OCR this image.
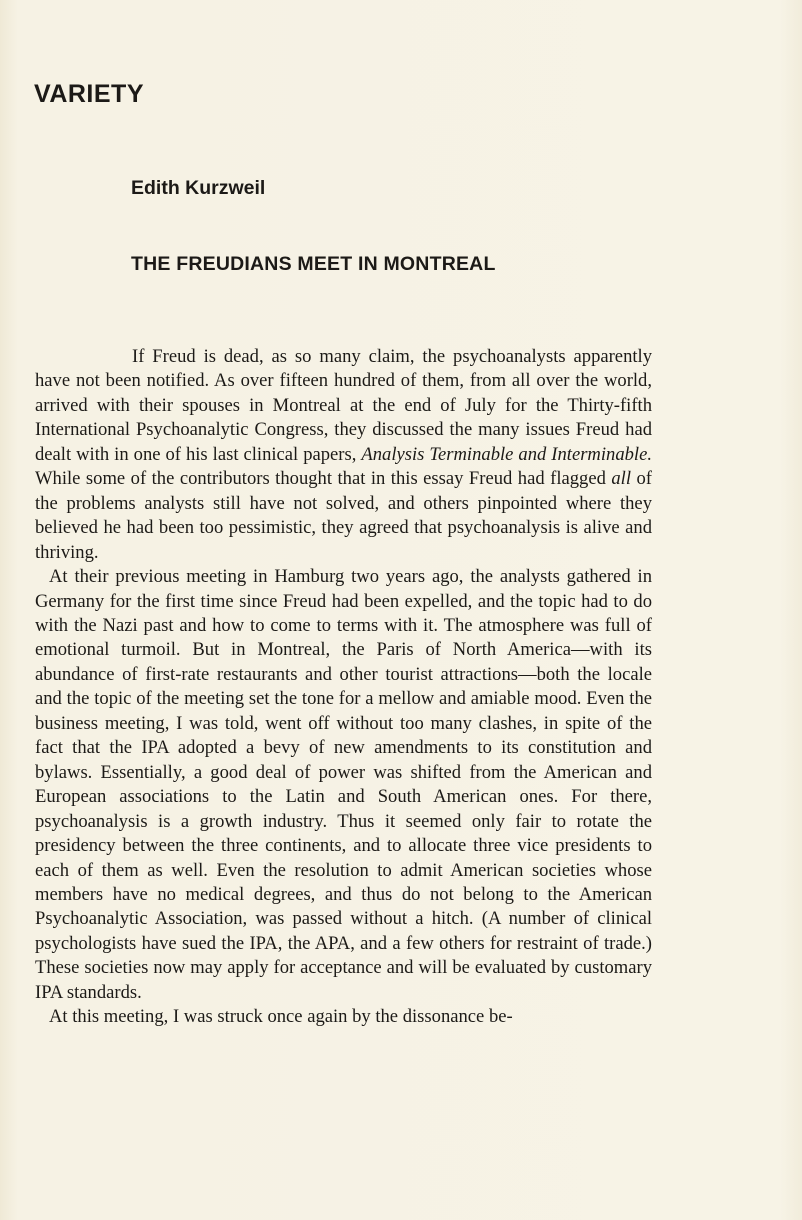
VARIETY
Edith Kurzweil
THE FREUDIANS MEET IN MONTREAL

If Freud is dead, as so many claim, the psychoanalysts apparently have not been notified. As over fifteen hundred of them, from all over the world, arrived with their spouses in Montreal at the end of July for the Thirty-fifth International Psychoanalytic Congress, they discussed the many issues Freud had dealt with in one of his last clinical papers, Analysis Terminable and Interminable. While some of the contributors thought that in this essay Freud had flagged all of the problems analysts still have not solved, and others pinpointed where they believed he had been too pessimistic, they agreed that psychoanalysis is alive and thriving.

At their previous meeting in Hamburg two years ago, the analysts gathered in Germany for the first time since Freud had been expelled, and the topic had to do with the Nazi past and how to come to terms with it. The atmosphere was full of emotional turmoil. But in Montreal, the Paris of North America—with its abundance of first-rate restaurants and other tourist attractions—both the locale and the topic of the meeting set the tone for a mellow and amiable mood. Even the business meeting, I was told, went off without too many clashes, in spite of the fact that the IPA adopted a bevy of new amendments to its constitution and bylaws. Essentially, a good deal of power was shifted from the American and European associations to the Latin and South American ones. For there, psychoanalysis is a growth industry. Thus it seemed only fair to rotate the presidency between the three continents, and to allocate three vice presidents to each of them as well. Even the resolution to admit American societies whose members have no medical degrees, and thus do not belong to the American Psychoanalytic Association, was passed without a hitch. (A number of clinical psychologists have sued the IPA, the APA, and a few others for restraint of trade.) These societies now may apply for acceptance and will be evaluated by customary IPA standards.

At this meeting, I was struck once again by the dissonance be-
